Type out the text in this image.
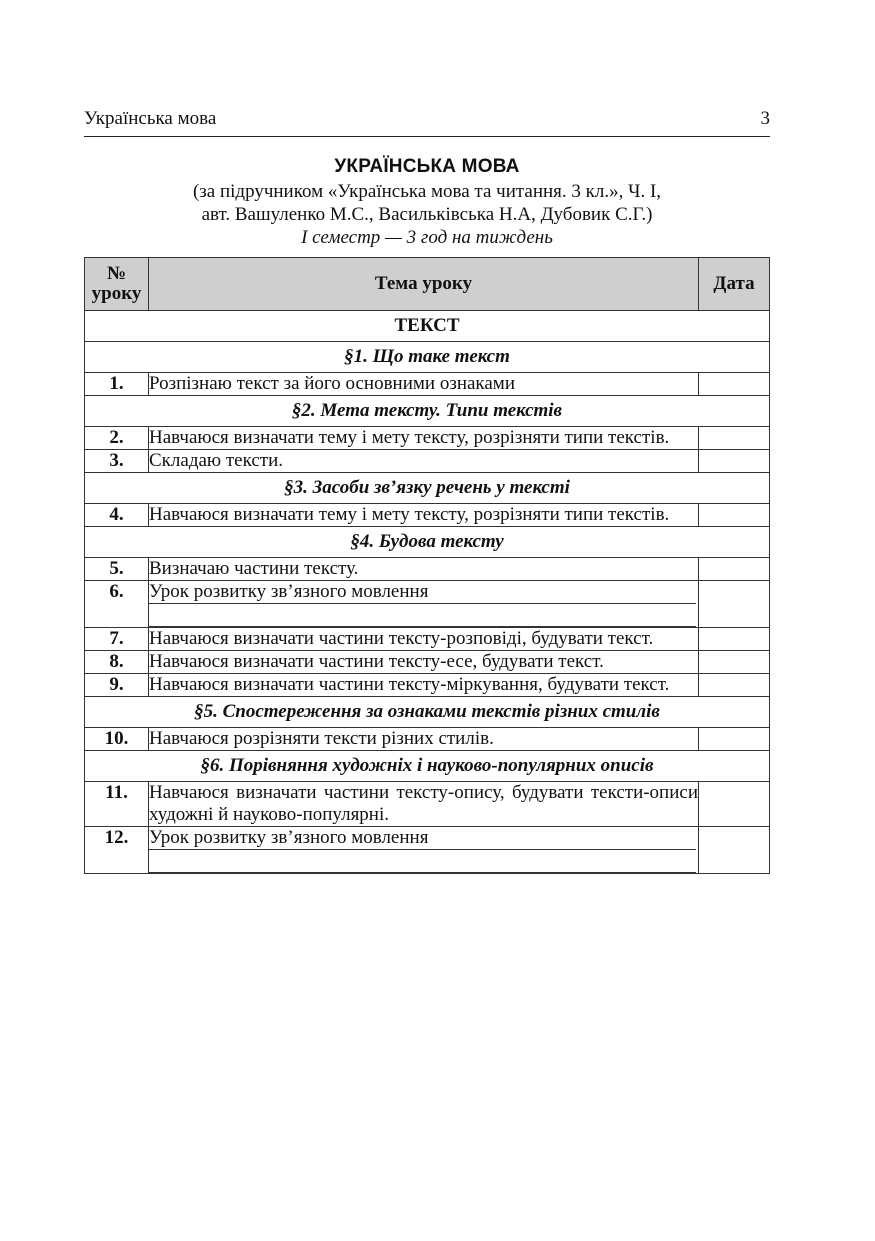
Українська мова	3
УКРАЇНСЬКА МОВА
(за підручником «Українська мова та читання. 3 кл.», Ч. І,
авт. Вашуленко М.С., Васильківська Н.А, Дубовик С.Г.)
І семестр — 3 год на тиждень
№
уроку	Тема уроку	Дата
ТЕКСТ		
§1. Що таке текст		
1.	Розпізнаю текст за його основними ознаками	
§2. Мета тексту. Типи текстів		
2.	Навчаюся визначати тему і мету тексту, розрізняти типи текстів.	
3.	Складаю тексти.	
§3. Засоби зв’язку речень у тексті		
4.	Навчаюся визначати тему і мету тексту, розрізняти типи текстів.	
§4. Будова тексту		
5.	Визначаю частини тексту.	
6.	Урок розвитку зв’язного мовлення	

7.	Навчаюся визначати частини тексту-розповіді, будувати текст.	
8.	Навчаюся визначати частини тексту-есе, будувати текст.	
9.	Навчаюся визначати частини тексту-міркування, будувати текст.	
§5. Спостереження за ознаками текстів різних стилів		
10.	Навчаюся розрізняти тексти різних стилів.	
§6. Порівняння художніх і науково-популярних описів		
11.	Навчаюся визначати частини тексту-опису, будувати тексти-описи художні й науково-популярні.	
12.	Урок розвитку зв’язного мовлення	
